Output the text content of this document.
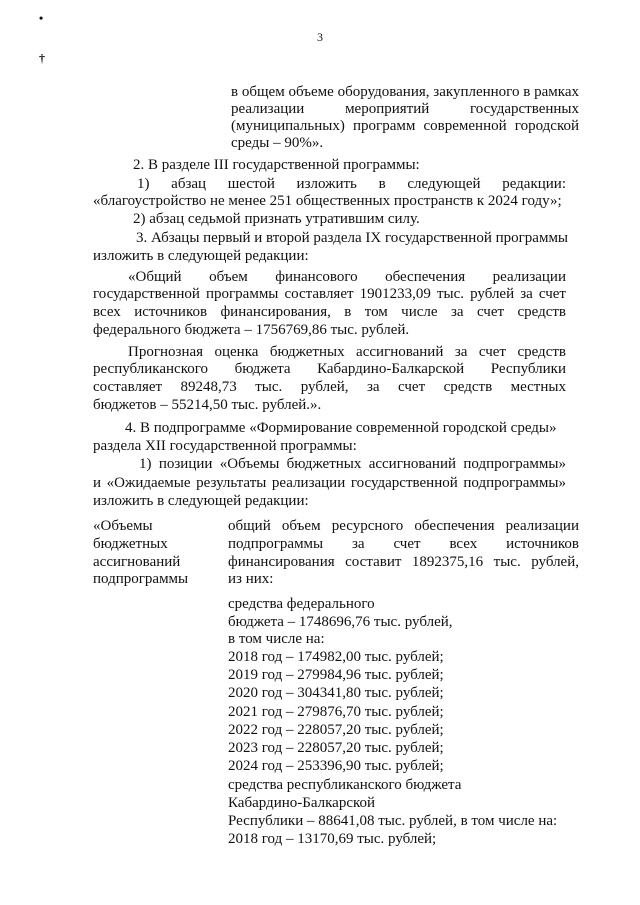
•
†
3
в общем объеме оборудования, закупленного в рамках
реализации	мероприятий	государственных
(муниципальных) программ современной городской
среды – 90%».
2. В разделе III государственной программы:
1) абзац шестой изложить в следующей редакции:
«благоустройство не менее 251 общественных пространств к 2024 году»;
2) абзац седьмой признать утратившим силу.
3. Абзацы первый и второй раздела IX государственной программы
изложить в следующей редакции:
«Общий объем финансового обеспечения реализации
государственной программы составляет 1901233,09 тыс. рублей за счет
всех источников финансирования, в том числе за счет средств
федерального бюджета – 1756769,86 тыс. рублей.
Прогнозная оценка бюджетных ассигнований за счет средств
республиканского бюджета Кабардино-Балкарской Республики
составляет 89248,73 тыс. рублей, за счет средств местных
бюджетов – 55214,50 тыс. рублей.».
4. В подпрограмме «Формирование современной городской среды»
раздела XII государственной программы:
1) позиции «Объемы бюджетных ассигнований подпрограммы»
и «Ожидаемые результаты реализации государственной подпрограммы»
изложить в следующей редакции:
«Объемы
бюджетных
ассигнований
подпрограммы
общий объем ресурсного обеспечения реализации
подпрограммы за счет всех источников
финансирования составит 1892375,16 тыс. рублей,
из них:
средства федерального
бюджета – 1748696,76 тыс. рублей,
в том числе на:
2018 год – 174982,00 тыс. рублей;
2019 год – 279984,96 тыс. рублей;
2020 год – 304341,80 тыс. рублей;
2021 год – 279876,70 тыс. рублей;
2022 год – 228057,20 тыс. рублей;
2023 год – 228057,20 тыс. рублей;
2024 год – 253396,90 тыс. рублей;
средства республиканского бюджета
Кабардино-Балкарской
Республики – 88641,08 тыс. рублей, в том числе на:
2018 год – 13170,69 тыс. рублей;
